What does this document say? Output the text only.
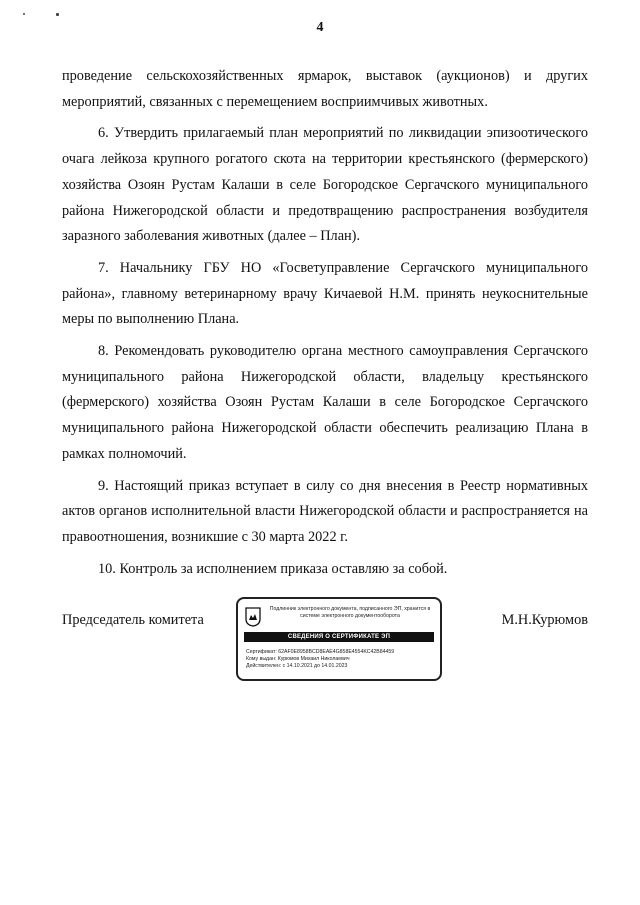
4

проведение сельскохозяйственных ярмарок, выставок (аукционов) и других мероприятий, связанных с перемещением восприимчивых животных.

6. Утвердить прилагаемый план мероприятий по ликвидации эпизоотического очага лейкоза крупного рогатого скота на территории крестьянского (фермерского) хозяйства Озоян Рустам Калаши в селе Богородское Сергачского муниципального района Нижегородской области и предотвращению распространения возбудителя заразного заболевания животных (далее – План).

7. Начальнику ГБУ НО «Госветуправление Сергачского муниципального района», главному ветеринарному врачу Кичаевой Н.М. принять неукоснительные меры по выполнению Плана.

8. Рекомендовать руководителю органа местного самоуправления Сергачского муниципального района Нижегородской области, владельцу крестьянского (фермерского) хозяйства Озоян Рустам Калаши в селе Богородское Сергачского муниципального района Нижегородской области обеспечить реализацию Плана в рамках полномочий.

9. Настоящий приказ вступает в силу со дня внесения в Реестр нормативных актов органов исполнительной власти Нижегородской области и распространяется на правоотношения, возникшие с 30 марта 2022 г.

10. Контроль за исполнением приказа оставляю за собой.

Председатель комитета	М.Н.Курюмов
Подлинник электронного документа, подписанного ЭП, хранится в системе электронного документооборота
СВЕДЕНИЯ О СЕРТИФИКАТЕ ЭП
Сертификат: 62AF0E8958BCD8EAE4G858E4554KC42B84459
Кому выдан: Курюмов Михаил Николаевич
Действителен: с 14.10.2021 до 14.01.2023
